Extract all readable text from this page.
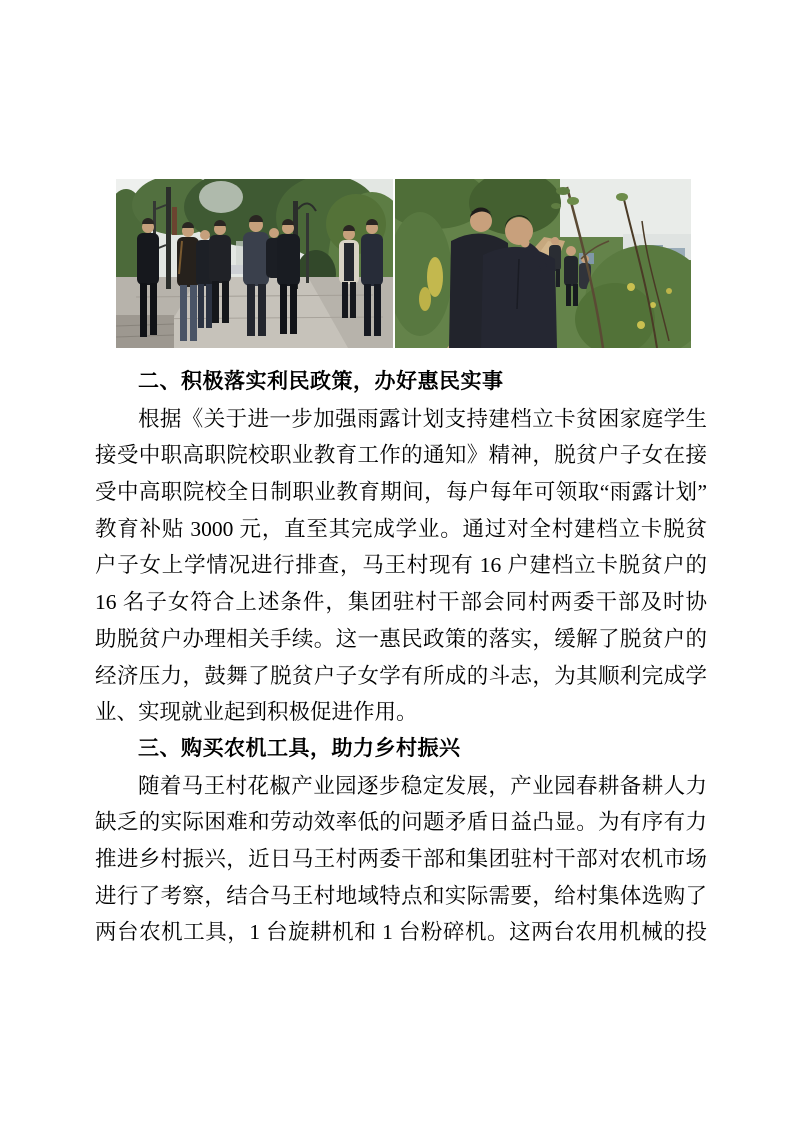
二、积极落实利民政策，办好惠民实事
根据《关于进一步加强雨露计划支持建档立卡贫困家庭学生
接受中职高职院校职业教育工作的通知》精神，脱贫户子女在接
受中高职院校全日制职业教育期间，每户每年可领取“雨露计划”
教育补贴 3000 元，直至其完成学业。通过对全村建档立卡脱贫
户子女上学情况进行排查，马王村现有 16 户建档立卡脱贫户的
16 名子女符合上述条件，集团驻村干部会同村两委干部及时协
助脱贫户办理相关手续。这一惠民政策的落实，缓解了脱贫户的
经济压力，鼓舞了脱贫户子女学有所成的斗志，为其顺利完成学
业、实现就业起到积极促进作用。
三、购买农机工具，助力乡村振兴
随着马王村花椒产业园逐步稳定发展，产业园春耕备耕人力
缺乏的实际困难和劳动效率低的问题矛盾日益凸显。为有序有力
推进乡村振兴，近日马王村两委干部和集团驻村干部对农机市场
进行了考察，结合马王村地域特点和实际需要，给村集体选购了
两台农机工具，1 台旋耕机和 1 台粉碎机。这两台农用机械的投
